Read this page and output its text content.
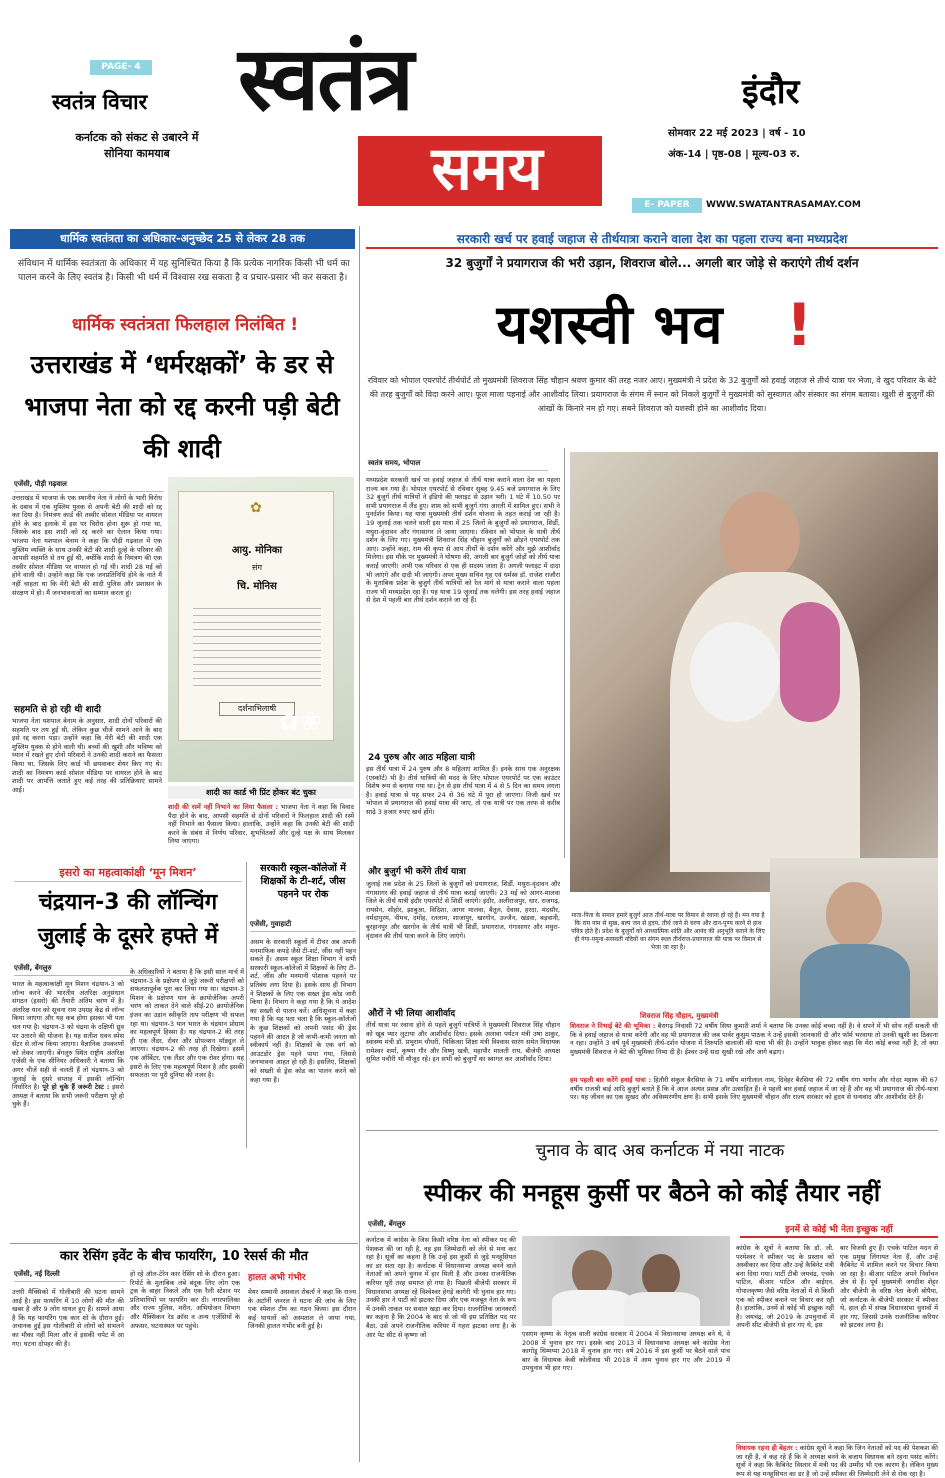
PAGE- 4
स्वतंत्र विचार
कर्नाटक को संकट से उबारने में सोनिया कामयाब
स्वतंत्र
समय
इंदौर
सोमवार 22 मई 2023 | वर्ष - 10
अंक-14 | पृष्ठ-08 | मूल्य-03 रु.
E- PAPER	WWW.SWATANTRASAMAY.COM
धार्मिक स्वतंत्रता का अधिकार-अनुच्छेद 25 से लेकर 28 तक
संविधान में धार्मिक स्वतंत्रता के अधिकार में यह सुनिश्चित किया है कि प्रत्येक नागरिक किसी भी धर्म का पालन करने के लिए स्वतंत्र है। किसी भी धर्म में विश्वास रख सकता है व प्रचार-प्रसार भी कर सकता है।
धार्मिक स्वतंत्रता फिलहाल निलंबित !
उत्तराखंड में ‘धर्मरक्षकों’ के डर से भाजपा नेता को रद्द करनी पड़ी बेटी की शादी
एजेंसी, पौड़ी गढ़वाल
उत्तराखंड में भाजपा के एक स्थानीय नेता ने लोगों के भारी विरोध के दबाव में एक मुस्लिम युवक से अपनी बेटी की शादी को रद्द कर दिया है। निमंत्रण कार्ड की तस्वीर सोशल मीडिया पर वायरल होने के बाद इलाके में इस पर विरोध होना शुरू हो गया था, जिसके बाद इस शादी को रद्द करने का ऐलान किया गया। भाजपा नेता यशपाल बेनाम ने कहा कि पौड़ी गढ़वाल में एक मुस्लिम व्यक्ति के साथ उनकी बेटी की शादी दूल्हे के परिवार की आपसी सहमति से तय हुई थी, क्योंकि शादी के निमंत्रण की एक तस्वीर सोशल मीडिया पर वायरल हो गई थी। शादी 28 मई को होने वाली थी। उन्होंने कहा कि एक जनप्रतिनिधि होने के नाते मैं नहीं चाहता था कि मेरी बेटी की शादी पुलिस और प्रशासन के संरक्षण में हो। मैं जनभावनाओं का सम्मान करता हूं।
सहमति से हो रही थी शादी
भाजपा नेता यशपाल बेनाम के अनुसार, शादी दोनों परिवारों की सहमति पर तय हुई थी, लेकिन कुछ चीजें सामने आने के बाद इसे रद्द करना पड़ा। उन्होंने कहा कि मेरी बेटी की शादी एक मुस्लिम युवक से होने वाली थी। बच्चों की खुशी और भविष्य को ध्यान में रखते हुए दोनों परिवारों ने उनकी शादी कराने का फैसला किया था, जिसके लिए कार्ड भी छपवाकर शेयर किए गए थे। शादी का निमंत्रण कार्ड सोशल मीडिया पर वायरल होने के बाद शादी पर आपत्ति जताते हुए कई तरह की प्रतिक्रियाएं सामने आईं।
✿
आयु. मोनिका
संग
चि. मोनिस
दर्शनाभिलाषी ✿❀
शादी का कार्ड भी प्रिंट होकर बंट चुका
शादी की रस्में नहीं निभाने का लिया फैसला : भाजपा नेता ने कहा कि विवाद पैदा होने के बाद, आपसी सहमति से दोनों परिवारों ने फिलहाल शादी की रस्में नहीं निभाने का फैसला किया। हालांकि, उन्होंने कहा कि उनकी बेटी की शादी करने के संबंध में निर्णय परिवार, शुभचिंतकों और दूल्हे पक्ष के साथ मिलकर लिया जाएगा।
इसरो का महत्वाकांक्षी ‘मून मिशन’
चंद्रयान-3 की लॉन्चिंग जुलाई के दूसरे हफ्ते में
एजेंसी, बेंगलुरु
भारत के महत्वाकांक्षी मून मिशन चंद्रयान-3 को लॉन्च करने की भारतीय अंतरिक्ष अनुसंधान संगठन (इसरो) की तैयारी अंतिम चरण में है। अंतरिक्ष यान को सूचना राम उपग्रह केंद्र से लॉन्च किया जाएगा और यह कब होगा इसका भी पता चल गया है। चंद्रयान-3 को चंद्रमा के दक्षिणी ध्रुव पर उतारने की योजना है। यह सतीश धवन स्पेस सेंटर से लॉन्च किया जाएगा। वैज्ञानिक उपकरणों को लेकर जाएगी। बेंगलुरु स्थित राष्ट्रीय अंतरिक्ष एजेंसी के एक सीनियर अधिकारी ने बताया कि अगर चीजें सही से चलती हैं तो चंद्रयान-3 को जुलाई के दूसरे सप्ताह में इसकी लॉन्चिंग निर्धारित है। पूरे हो चुके हैं जरूरी टेस्ट : इसरो अध्यक्ष ने बताया कि सभी जरूरी परीक्षण पूरे हो चुके हैं।
के अधिकारियों ने बताया है कि इसी साल मार्च में चंद्रयान-3 के प्रक्षेपण से जुड़े जरूरी परीक्षणों को सफलतापूर्वक पूरा कर लिया गया था। चंद्रयान-3 मिशन के प्रक्षेपण यान के क्रायोजेनिक अपरी चरण को ताकत देने वाले सीई-20 क्रायोजेनिक इंजन का उड़ान स्वीकृति ताप परीक्षण भी सफल रहा था। चंद्रयान-3 यान भारत के चंद्रयान प्रोग्राम का महत्वपूर्ण हिस्सा है। यह चंद्रयान-2 की तरह ही एक लैंडर, रोवर और प्रोपल्शन मॉड्यूल ले जाएगा। चंद्रयान-2 की तरह ही दिखेगा। इसमें एक ऑर्बिटर, एक लैंडर और एक रोवर होगा। यह इसरो के लिए एक महत्वपूर्ण मिशन है और इसकी सफलता पर पूरी दुनिया की नजर है।
सरकारी स्कूल-कॉलेजों में शिक्षकों के टी-शर्ट, जीस पहनने पर रोक
एजेंसी, गुवाहाटी
असम के सरकारी स्कूलों में टीचर अब अपनी मनमाफिक कपड़े जैसे टी-शर्ट, जींस नहीं पहन सकते हैं। असम स्कूल शिक्षा विभाग ने सभी सरकारी स्कूल-कॉलेजों में शिक्षकों के लिए टी-शर्ट, जींस और मनमानी पोशाक पहनने पर प्रतिबंध लगा दिया है। इसके साथ ही विभाग ने शिक्षकों के लिए एक सख्त ड्रेस कोड जारी किया है। विभाग ने कहा गया है कि ये आदेश का सख्ती से पालन करें। अधिसूचना में कहा गया है कि यह पता चला है कि स्कूल-कॉलेजों के कुछ शिक्षकों को अपनी पसंद की ड्रेस पहनने की आदत है जो कभी-कभी जनता को स्वीकार्य नहीं है। शिक्षकों के एक वर्ग को आउटडोर ड्रेस पहने पाया गया, जिससे जनभावना आहत हो रही है। इसलिए, शिक्षकों को सख्ती से ड्रेस कोड का पालन करने को कहा गया है।
कार रेसिंग इवेंट के बीच फायरिंग, 10 रेसर्स की मौत
एजेंसी, नई दिल्ली
उत्तरी मैक्सिको में गोलीबारी की घटना सामने आई है। इस फायरिंग में 10 लोगों की मौत की खबर है और 9 लोग घायल हुए हैं। सामने आया है कि यह फायरिंग एक कार शो के दौरान हुई। अचानक हुई इस गोलीबारी से लोगों को संभलने का मौका नहीं मिला और वे इसकी चपेट में आ गए। घटना दोपहर की है।
हो रहे ऑल-टेरेन कार रेसिंग शो के दौरान हुआ। रिपोर्ट के मुताबिक लंबे बंदूक लिए लोग एक ट्रक के बाहर निकले और एक रैली स्टेशन पर प्रतिभागियों पर फायरिंग कर दी। नगरपालिका और राज्य पुलिस, मरीन, अभियोजन विभाग और मैक्सिकन रेड क्रॉस व अन्य एजेंसियों के अफसर, घटनास्थल पर पहुंचे।
हालत अभी गंभीर
मेयर सम्मानी असवाल रोबर्ता ने कहा कि राज्य के अटॉर्नी जनरल ने घटना की जांच के लिए एक स्पेशल टीम का गठन किया। इस दौरान कई घायलों को अस्पताल ले जाया गया, जिनकी हालत गंभीर बनी हुई है।
सरकारी खर्च पर हवाई जहाज से तीर्थयात्रा कराने वाला देश का पहला राज्य बना मध्यप्रदेश
32 बुजुर्गों ने प्रयागराज की भरी उड़ान, शिवराज बोले... अगली बार जोड़े से कराएंगे तीर्थ दर्शन
यशस्वी भव	!
रविवार को भोपाल एयरपोर्ट तीर्थपोर्ट तो मुख्यमंत्री शिवराज सिंह चौहान श्रवण कुमार की तरह नजर आए। मुख्यमंत्री ने प्रदेश के 32 बुजुर्गों को हवाई जहाज से तीर्थ यात्रा पर भेजा, वे खुद परिवार के बेटे की तरह बुजुर्गों को विदा करने आए। फूल माला पहनाई और आशीर्वाद लिया। प्रयागराज के संगम में स्नान को निकले बुजुर्गों ने मुख्यमंत्री को सुस्वागत और संस्कार का संगम बताया। खुशी से बुजुर्गों की आंखों के किनारे नम हो गए। सबने शिवराज को यशस्वी होने का आशीर्वाद दिया।
स्वतंत्र समय, भोपाल
मध्यप्रदेश सरकारी खर्च पर हवाई जहाज से तीर्थ यात्रा कराने वाला देश का पहला राज्य बन गया है। भोपाल एयरपोर्ट से रविवार सुबह 9.45 बजे प्रयागराज के लिए 32 बुजुर्ग तीर्थ यात्रियों ने इंडिगो की फ्लाइट से उड़ान भरी। 1 घंटे में 10.50 पर सभी प्रयागराज में लैंड हुए। शाम को सभी बुजुर्ग गंगा आरती में शामिल हुए। सभी ने पुनर्दर्शन किया। यह यात्रा मुख्यमंत्री तीर्थ दर्शन योजना के तहत कराई जा रही है। 19 जुलाई तक चलने वाली इस यात्रा में 25 जिलों के बुजुर्गों को प्रयागराज, शिर्डी, मथुरा-वृंदावन और गंगासागर ले जाया जाएगा। रविवार को भोपाल के यात्री तीर्थ दर्शन के लिए गए। मुख्यमंत्री शिवराज सिंह चौहान बुजुर्गों को छोड़ने एयरपोर्ट तक आए। उन्होंने कहा, राम की कृपा से आप तीर्थों के दर्शन करेंगे और मुझे आशीर्वाद मिलेगा। इस मौके पर मुख्यमंत्री ने घोषणा की, अगली बार बुजुर्ग जोड़ों को तीर्थ यात्रा कराई जाएगी। अभी एक परिवार से एक ही सदस्य जाता है। अगली फ्लाइट में दादा भी जाएंगे और दादी भी जाएंगी। अपर मुख्य सचिव गृह एवं धर्मस्व डॉ. राजेश राजौरा के मुताबिक प्रदेश के बुजुर्ग तीर्थ यात्रियों को रेल मार्ग से यात्रा कराने वाला पहला राज्य भी मध्यप्रदेश रहा है। यह यात्रा 19 जुलाई तक चलेगी। इस तरह हवाई जहाज से देश में पहली बार तीर्थ दर्शन कराने जा रहे हैं।
24 पुरुष और आठ महिला यात्री
इस तीर्थ यात्रा में 24 पुरुष और 8 महिलाएं शामिल हैं। इनके साथ एक अनुरक्षक (एस्कॉर्ट) भी है। तीर्थ यात्रियों की मदद के लिए भोपाल एयरपोर्ट पर एक काउंटर विशेष रूप से बनाया गया था। ट्रेन से इस तीर्थ यात्रा में 4 से 5 दिन का समय लगता है। हवाई यात्रा से यह सफर 24 से 36 घंटे में पूरा हो जाएगा। निजी खर्च पर भोपाल से प्रयागराज की हवाई यात्रा की जाए, तो एक यात्री पर एक तरफ से करीब साढ़े 3 हजार रुपए खर्च होंगे।
और बुजुर्ग भी करेंगे तीर्थ यात्रा
जुलाई तक प्रदेश के 25 जिलों के बुजुर्गों को प्रयागराज, शिर्डी, मथुरा-वृंदावन और गंगासागर की हवाई जहाज से तीर्थ यात्रा कराई जाएगी। 23 मई को आगर-मालवा जिले के तीर्थ यात्री इंदौर एयरपोर्ट से शिर्डी जाएंगे। इंदौर, अलीराजपुर, धार, राजगढ़, रायसेन, सीहोर, झाबुआ, विदिशा, आगर मालवा, बैतूल, देवास, हरदा, मंदसौर, नर्मदापुरम, नीमच, दमोह, रतलाम, शाजापुर, खरगोन, उज्जैन, खंडवा, बड़वानी, बुरहानपुर और खरगोन के तीर्थ यात्री भी शिर्डी, प्रयागराज, गंगासागर और मथुरा-वृंदावन की तीर्थ यात्रा करने के लिए जाएंगे।
औरों ने भी लिया आशीर्वाद
तीर्थ यात्रा पर रवाना होने से पहले बुजुर्ग यात्रियों ने मुख्यमंत्री शिवराज सिंह चौहान को खूब प्यार लुटाया और आशीर्वाद दिया। इसके अलावा पर्यटन मंत्री उषा ठाकुर, स्वास्थ्य मंत्री डॉ. प्रभुराम चौधरी, चिकित्सा शिक्षा मंत्री विश्वास सारंग समेत विधायक रामेश्वर शर्मा, कृष्णा गौर और विष्णु खत्री, महापौर मालती राय, बीजेपी अध्यक्ष सुमित पचौरी भी मौजूद रहे। इन सभी को बुजुर्गों का स्वागत कर आशीर्वाद दिया।
माता-पिता के समान हमारे बुजुर्ग आज तीर्थ-यात्रा पर विमान से रवाना हो रहे हैं। मन गया है कि राम नाम से सुख, बल्प जन से हृदय, तीर्थ जाने से चरण और दान-पुण्य करने से हाथ पवित्र होते हैं। प्रदेश के बुजुर्गों को आध्यात्मिक शांति और आनंद की अनुभूति कराने के लिए ही गंगा-यमुना-सरस्वती नदियों का संगम स्थल तीर्थराज-प्रयागराज की यात्रा पर विमान से भेजा जा रहा है।
शिवराज सिंह चौहान, मुख्यमंत्री
शिवराज ने निभाई बेटे की भूमिका : बैरागढ़ निवासी 72 वर्षीय सिया कुमारी शर्मा ने बताया कि उनका कोई बच्चा नहीं है। वे सपने में भी सोच नहीं सकती थी कि वे हवाई जहाज से यात्रा करेंगी और वह भी प्रयागराज की जब पार्वर कुसुम पाठक ने उन्हें इसकी जानकारी दी और फॉर्म भरवाया तो उनकी खुशी का ठिकाना न रहा। उन्होंने 3 वर्ष पूर्व मुख्यमंत्री तीर्थ-दर्शन योजना में तिरुपति बालाजी की यात्रा भी की है। उन्होंने भावुक होकर कहा कि मेरा कोई बच्चा नहीं है, तो क्या मुख्यमंत्री शिवराज ने बेटे की भूमिका निभा दी है। ईश्वर उन्हें सदा सुखी रखे और आगे बढ़ाए।
हम पहली बार करेंगे हवाई यात्रा : हितौरी संकुल बैरसिया के 71 वर्षीय मांगीलाल नाम, दिवेहर बैरसिया की 72 वर्षीय गंगा भार्गव और गोदर महाक की 67 वर्षीय राजश्री बाई आदि बुजुर्ग बताते हैं कि वे आज अत्यंत प्रसन्न और उत्साहित हैं। वे पहली बार हवाई जहाज में जा रहे हैं और वह भी प्रयागराज की तीर्थ-यात्रा पर। यह जीवन का एक सुखद और अविस्मरणीय क्षण है। सभी इसके लिए मुख्यमंत्री चौहान और राज्य सरकार को हृदय से धन्यवाद और आशीर्वाद देते हैं।
चुनाव के बाद अब कर्नाटक में नया नाटक
स्पीकर की मनहूस कुर्सी पर बैठने को कोई तैयार नहीं
एजेंसी, बेंगलुरु
इनमें से कोई भी नेता इच्छुक नहीं
कर्नाटक में कांग्रेस के जिस किसी वरिष्ठ नेता को स्पीकर पद की पेशकश की जा रही है, वह इस जिम्मेदारी को लेने से मना कर रहा है। सूत्रों का कहना है कि उन्हें इस कुर्सी से जुड़े मनहूसियत का डर सता रहा है। कर्नाटक में विधानसभा अध्यक्ष बनने वाले नेताओं को अपने चुनाव में हार मिली है और उनका राजनीतिक करियर पूरी तरह समाप्त हो गया है। पिछली बीजेपी सरकार में विधानसभा अध्यक्ष रहे विश्वेश्वर हेगड़े कागेरी भी चुनाव हार गए। उनकी हार ने पार्टी को झटका दिया और एक मजबूत नेता के रूप में उनकी ताकत पर सवाल खड़ा कर दिया। राजनीतिक जानकारों का कहना है कि 2004 के बाद से जो भी इस प्रतिष्ठित पद पर बैठा, उसे अपने राजनीतिक करियर में गहरा झटका लगा है। के आर पेट सीट से कृष्णा जो	एसएम कृष्णा के नेतृत्व वाली कांग्रेस सरकार में 2004 में विधानसभा अध्यक्ष बने थे, वे 2008 में चुनाव हार गए। इसके बाद 2013 में विधानसभा अध्यक्ष बने कांग्रेस नेता कागोडू थिम्मप्पा 2018 में चुनाव हार गए। वर्ष 2016 में इस कुर्सी पर बैठने वाले पांच बार के विधायक केबी कोलीवाड भी 2018 में आम चुनाव हार गए और 2019 में उपचुनाव भी हार गए।
कांग्रेस के सूत्रों ने बताया कि डॉ. जी. परमेश्वर ने स्पीकर पद के प्रस्ताव को अस्वीकार कर दिया और उन्हें कैबिनेट मंत्री बना दिया गया। पार्टी टीबी जयचंद्र, एचके पाटिल, बीआर पाटिल और बाईएन. गोपालकृष्ण जैसे वरिष्ठ नेताओं में से किसी एक को स्पीकर बनाने पर विचार कर रही है। हालांकि, उनमें से कोई भी इच्छुक नहीं है। जयचंद्र, जो 2019 के उपचुनावों में अपनी सीट बीजेपी से हार गए थे, इस
बार विजयी हुए हैं। एचके पाटिल मदन से एक प्रमुख लिंगायत नेता हैं, और उन्हें कैबिनेट में शामिल करने पर विचार किया जा रहा है। बीआर पाटिल अपने निर्वाचन क्षेत्र से हैं। पूर्व मुख्यमंत्री जगदीश शेट्टर और बीजेपी के वरिष्ठ नेता केजी बोपैया, जो कर्नाटक के बीजेपी सरकार में स्पीकर थे, हाल ही में संपन्न विधानसभा चुनावों में हार गए, जिससे उनके राजनीतिक करियर को झटका लगा है।
विधायक रहना ही बेहतर : कांग्रेस सूत्रों ने कहा कि जिन नेताओं को पद की पेशकश की जा रही है, वे कह रहे हैं कि वे अध्यक्ष बनने के बजाय विधायक बने रहना पसंद करेंगे। सूत्रों ने कहा कि कैबिनेट विस्तार में मंत्री पद की उम्मीद भी एक कारण है। लेकिन मुख्य रूप से यह मनहूसियत का डर है जो उन्हें स्पीकर की जिम्मेदारी लेने से रोक रहा है।
